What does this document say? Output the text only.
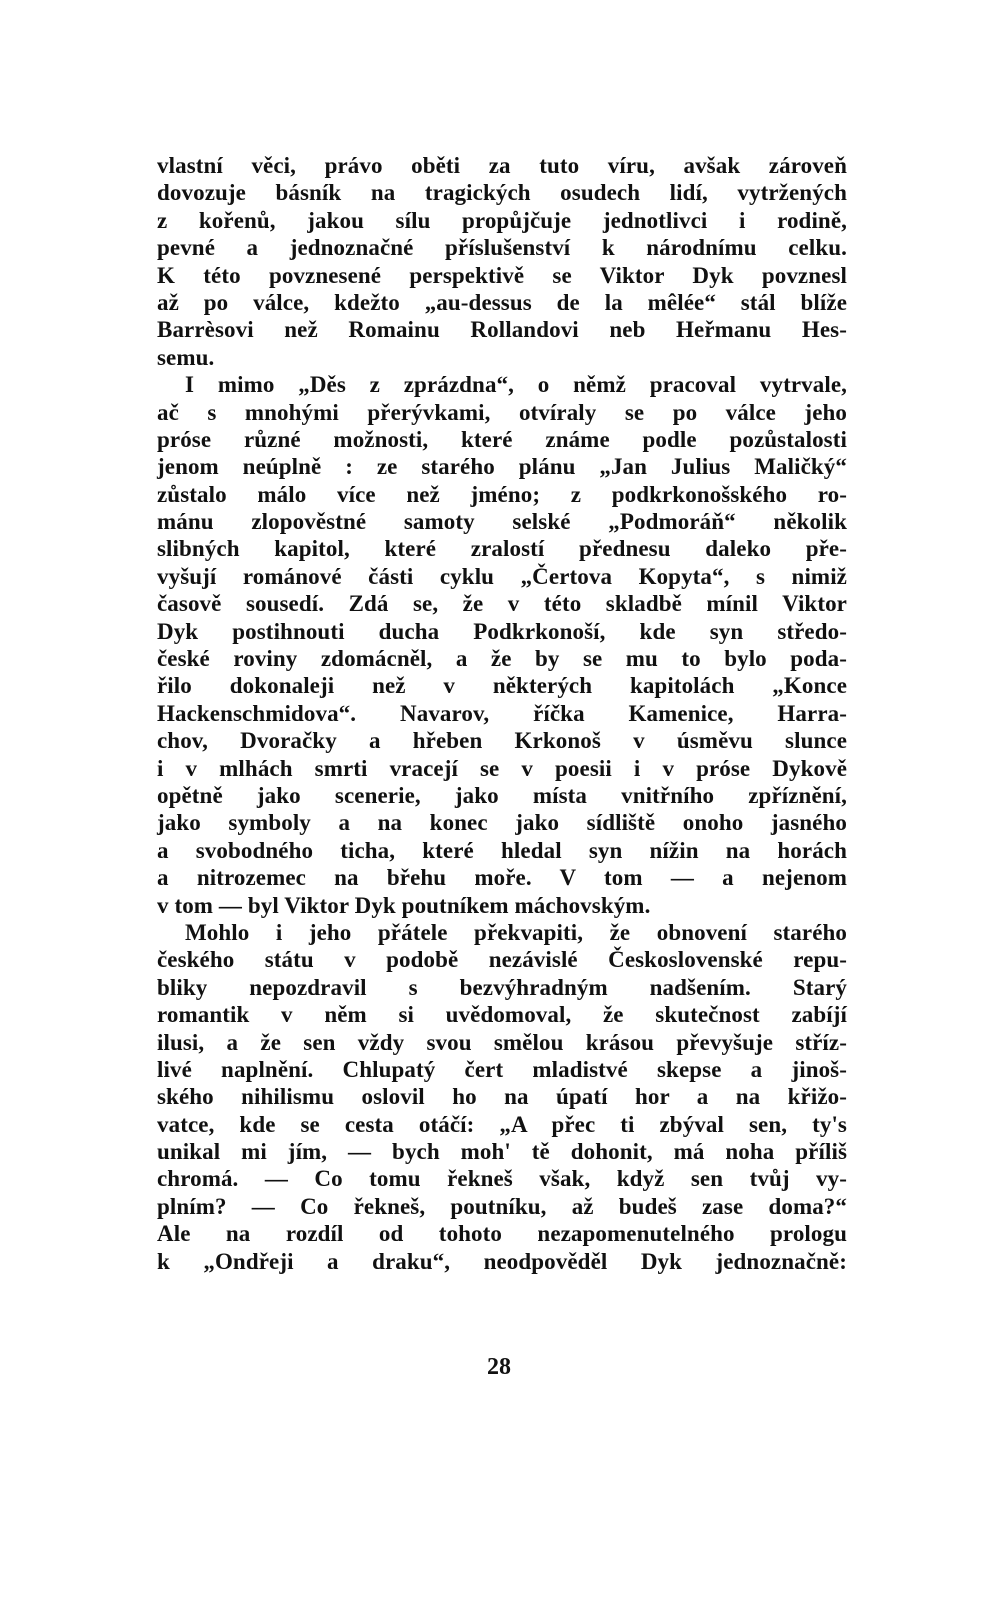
vlastní věci, právo oběti za tuto víru, avšak zároveň
dovozuje básník na tragických osudech lidí, vytržených
z kořenů, jakou sílu propůjčuje jednotlivci i rodině,
pevné a jednoznačné příslušenství k národnímu celku.
K této povznesené perspektivě se Viktor Dyk povznesl
až po válce, kdežto „au-dessus de la mêlée“ stál blíže
Barrèsovi než Romainu Rollandovi neb Heřmanu Hes-
semu.
I mimo „Děs z zprázdna“, o němž pracoval vytrvale,
ač s mnohými přerývkami, otvíraly se po válce jeho
próse různé možnosti, které známe podle pozůstalosti
jenom neúplně : ze starého plánu „Jan Julius Maličký“
zůstalo málo více než jméno; z podkrkonošského ro-
mánu zlopověstné samoty selské „Podmoráň“ několik
slibných kapitol, které zralostí přednesu daleko pře-
vyšují románové části cyklu „Čertova Kopyta“, s nimiž
časově sousedí. Zdá se, že v této skladbě mínil Viktor
Dyk postihnouti ducha Podkrkonoší, kde syn středo-
české roviny zdomácněl, a že by se mu to bylo poda-
řilo dokonaleji než v některých kapitolách „Konce
Hackenschmidova“. Navarov, říčka Kamenice, Harra-
chov, Dvoračky a hřeben Krkonoš v úsměvu slunce
i v mlhách smrti vracejí se v poesii i v próse Dykově
opětně jako scenerie, jako místa vnitřního zpříznění,
jako symboly a na konec jako sídliště onoho jasného
a svobodného ticha, které hledal syn nížin na horách
a nitrozemec na břehu moře. V tom — a nejenom
v tom — byl Viktor Dyk poutníkem máchovským.
Mohlo i jeho přátele překvapiti, že obnovení starého
českého státu v podobě nezávislé Československé repu-
bliky nepozdravil s bezvýhradným nadšením. Starý
romantik v něm si uvědomoval, že skutečnost zabíjí
ilusi, a že sen vždy svou smělou krásou převyšuje stříz-
livé naplnění. Chlupatý čert mladistvé skepse a jinoš-
ského nihilismu oslovil ho na úpatí hor a na křižo-
vatce, kde se cesta otáčí: „A přec ti zbýval sen, ty's
unikal mi jím, — bych moh' tě dohonit, má noha příliš
chromá. — Co tomu řekneš však, když sen tvůj vy-
plním? — Co řekneš, poutníku, až budeš zase doma?“
Ale na rozdíl od tohoto nezapomenutelného prologu
k „Ondřeji a draku“, neodpověděl Dyk jednoznačně:
28
